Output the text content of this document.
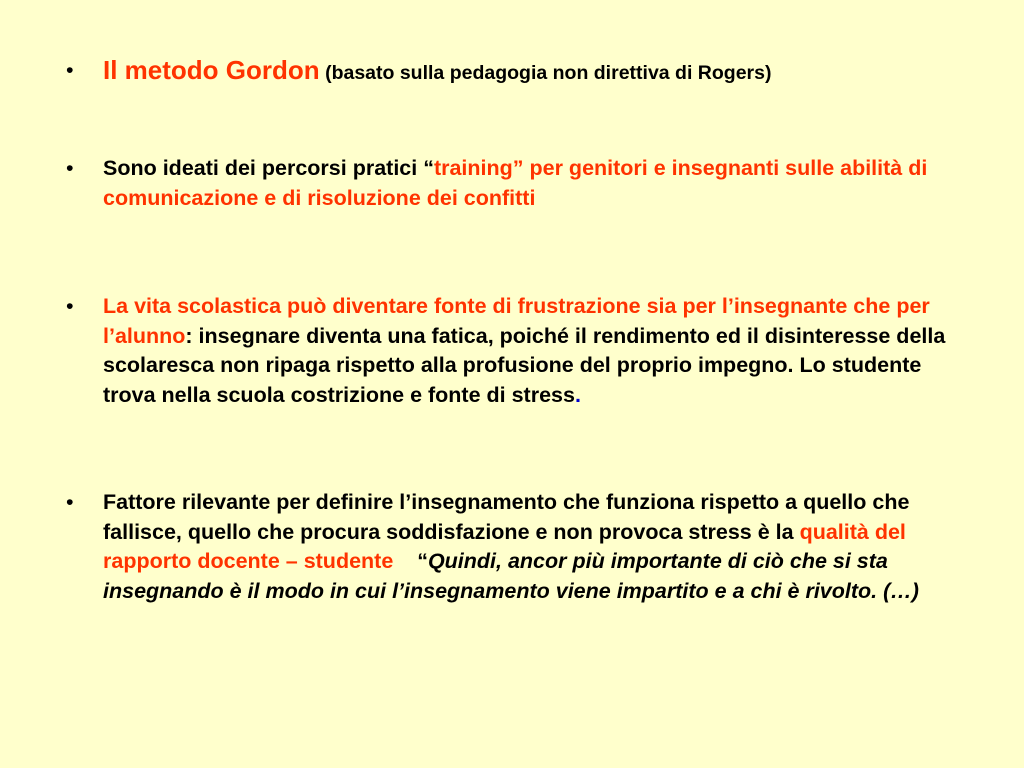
•	Il metodo Gordon (basato sulla pedagogia non direttiva di Rogers)
•	Sono ideati dei percorsi pratici “training” per genitori e insegnanti sulle abilità di comunicazione e di risoluzione dei confitti
•	La vita scolastica può diventare fonte di frustrazione sia per l’insegnante che per l’alunno: insegnare diventa una fatica, poiché il rendimento ed il disinteresse della scolaresca non ripaga rispetto alla profusione del proprio impegno. Lo studente trova nella scuola costrizione e fonte di stress.
•	Fattore rilevante per definire l’insegnamento che funziona rispetto a quello che fallisce, quello che procura soddisfazione e non provoca stress è la qualità del rapporto docente – studente    “Quindi, ancor più importante di ciò che si sta insegnando è il modo in cui l’insegnamento viene impartito e a chi è rivolto. (…)
